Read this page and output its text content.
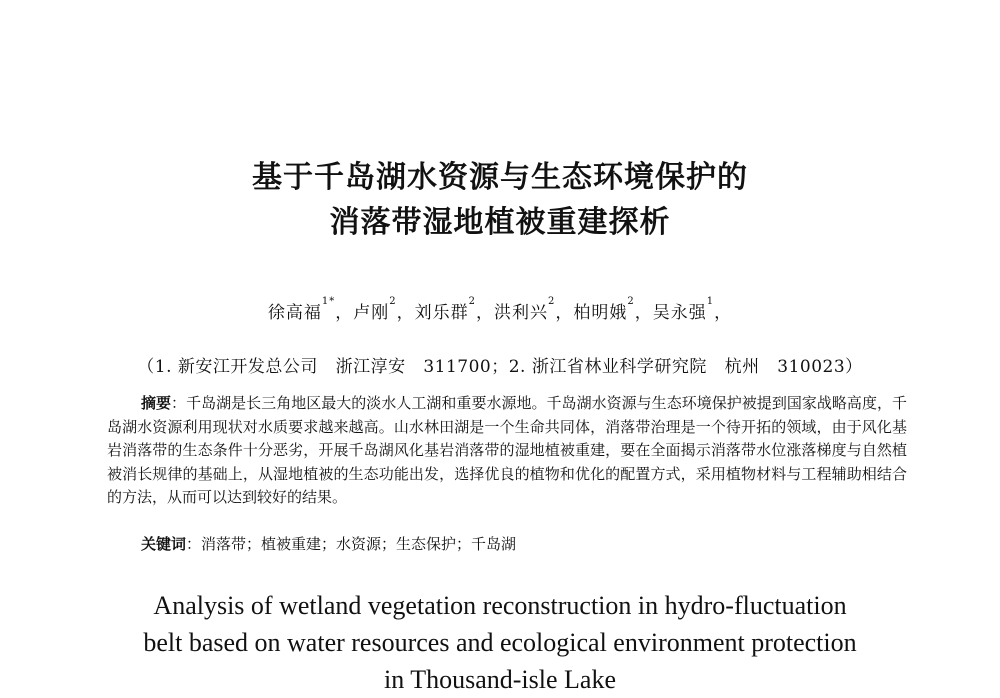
基于千岛湖水资源与生态环境保护的
消落带湿地植被重建探析
徐高福$^{1*}$，卢刚$^2$，刘乐群$^2$，洪利兴$^2$，柏明娥$^2$，吴永强$^1$，
（1. 新安江开发总公司   浙江淳安   311700；2. 浙江省林业科学研究院   杭州   310023）
摘要：千岛湖是长三角地区最大的淡水人工湖和重要水源地。千岛湖水资源与生态环境保护被提到国家战略高度，千岛湖水资源利用现状对水质要求越来越高。山水林田湖是一个生命共同体，消落带治理是一个待开拓的领域，由于风化基岩消落带的生态条件十分恶劣，开展千岛湖风化基岩消落带的湿地植被重建，要在全面揭示消落带水位涨落梯度与自然植被消长规律的基础上，从湿地植被的生态功能出发，选择优良的植物和优化的配置方式，采用植物材料与工程辅助相结合的方法，从而可以达到较好的结果。
关键词：消落带；植被重建；水资源；生态保护；千岛湖
Analysis of wetland vegetation reconstruction in hydro-fluctuation
belt based on water resources and ecological environment protection
in Thousand-isle Lake
